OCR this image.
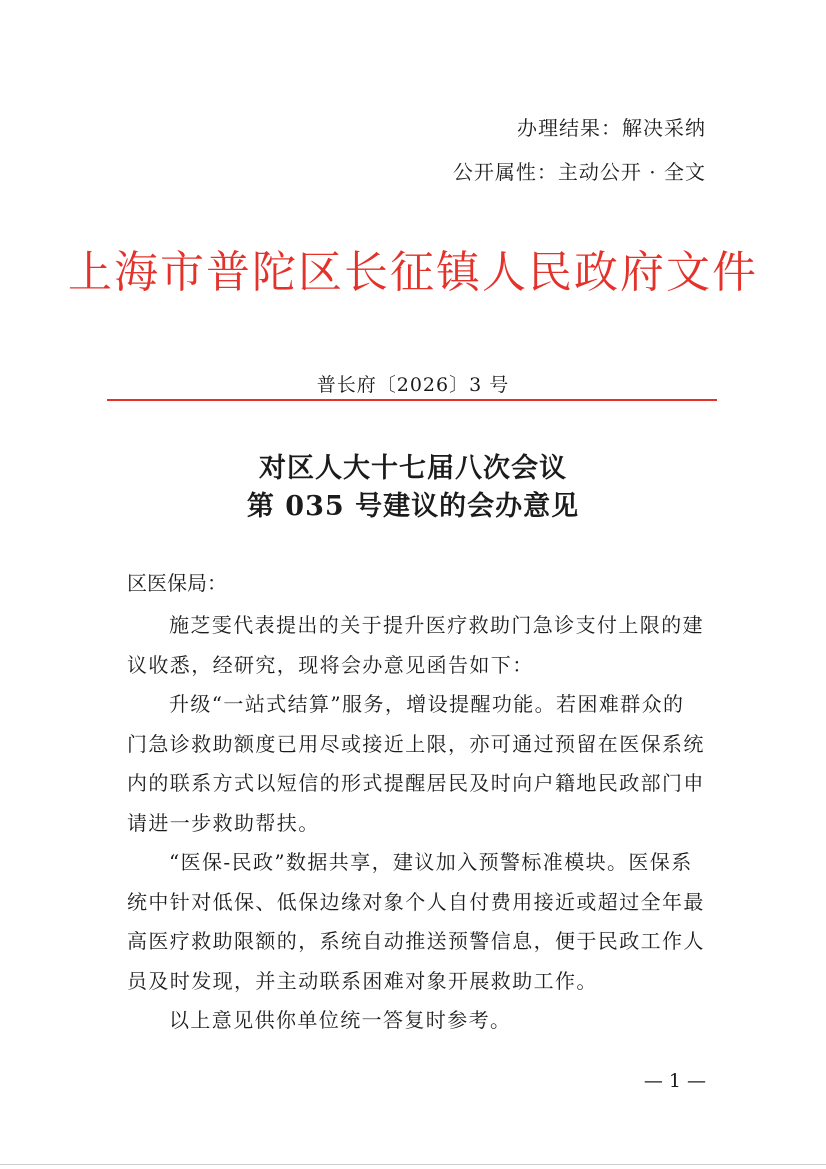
办理结果：解决采纳
公开属性：主动公开 · 全文
上海市普陀区长征镇人民政府文件
普长府〔2026〕3 号
对区人大十七届八次会议
第 035 号建议的会办意见
区医保局：
施芝雯代表提出的关于提升医疗救助门急诊支付上限的建议收悉，经研究，现将会办意见函告如下：
升级“一站式结算”服务，增设提醒功能。若困难群众的门急诊救助额度已用尽或接近上限，亦可通过预留在医保系统内的联系方式以短信的形式提醒居民及时向户籍地民政部门申请进一步救助帮扶。
“医保-民政”数据共享，建议加入预警标准模块。医保系统中针对低保、低保边缘对象个人自付费用接近或超过全年最高医疗救助限额的，系统自动推送预警信息，便于民政工作人员及时发现，并主动联系困难对象开展救助工作。
以上意见供你单位统一答复时参考。
— 1 —
